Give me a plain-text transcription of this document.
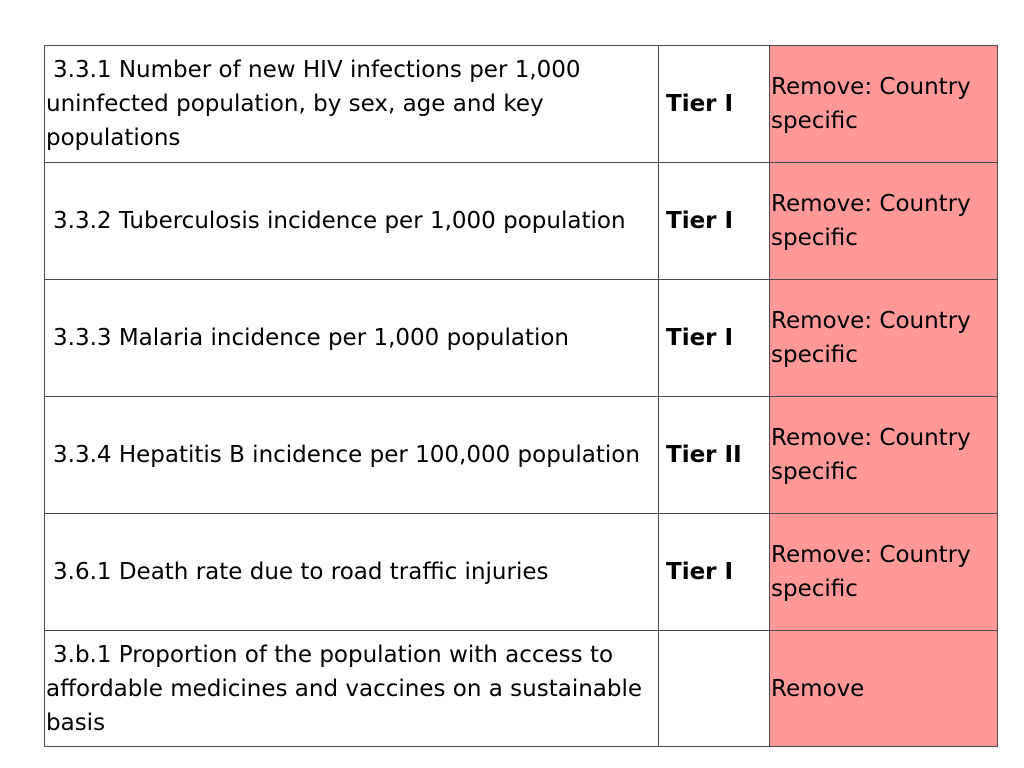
3.3.1 Number of new HIV infections per 1,000 uninfected population, by sex, age and key populations	Tier I	Remove: Country specific
3.3.2 Tuberculosis incidence per 1,000 population	Tier I	Remove: Country specific
3.3.3 Malaria incidence per 1,000 population	Tier I	Remove: Country specific
3.3.4 Hepatitis B incidence per 100,000 population	Tier II	Remove: Country specific
3.6.1 Death rate due to road traffic injuries	Tier I	Remove: Country specific
3.b.1 Proportion of the population with access to affordable medicines and vaccines on a sustainable basis		Remove
